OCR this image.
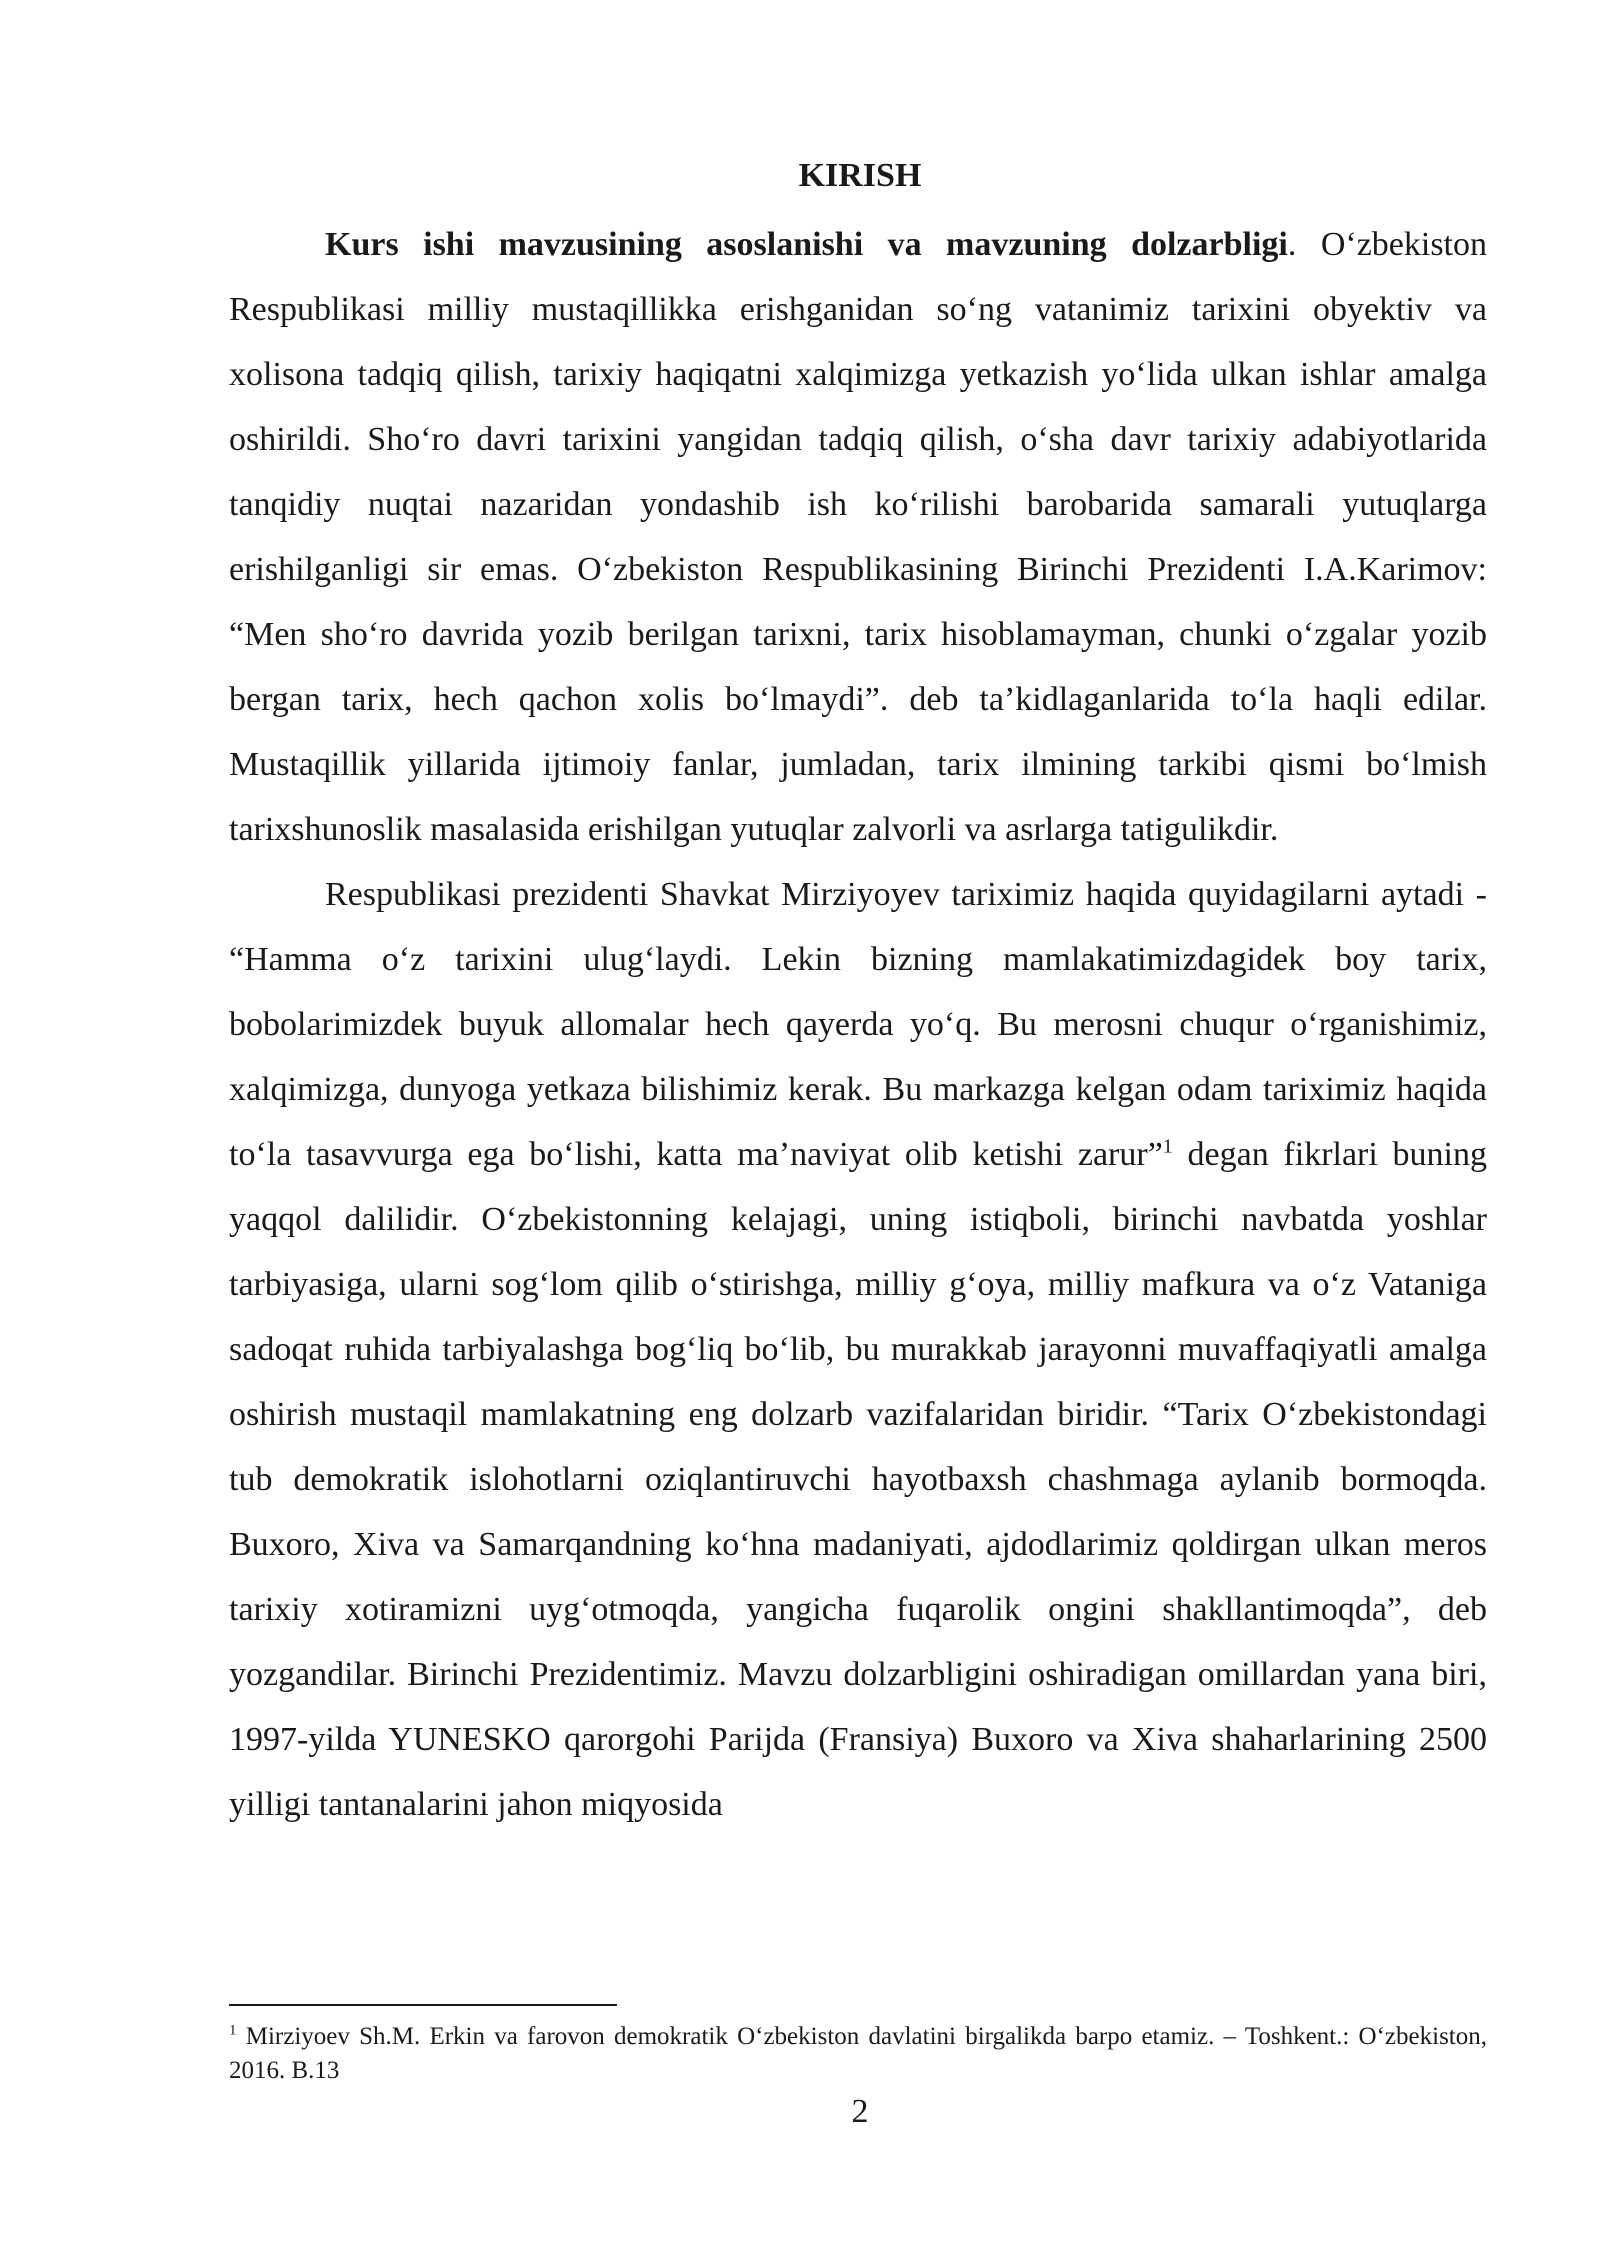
KIRISH

Kurs ishi mavzusining asoslanishi va mavzuning dolzarbligi. O‘zbekiston Respublikasi milliy mustaqillikka erishganidan so‘ng vatanimiz tarixini obyektiv va xolisona tadqiq qilish, tarixiy haqiqatni xalqimizga yetkazish yo‘lida ulkan ishlar amalga oshirildi. Sho‘ro davri tarixini yangidan tadqiq qilish, o‘sha davr tarixiy adabiyotlarida tanqidiy nuqtai nazaridan yondashib ish ko‘rilishi barobarida samarali yutuqlarga erishilganligi sir emas. O‘zbekiston Respublikasining Birinchi Prezidenti I.A.Karimov: “Men sho‘ro davrida yozib berilgan tarixni, tarix hisoblamayman, chunki o‘zgalar yozib bergan tarix, hech qachon xolis bo‘lmaydi”. deb ta’kidlaganlarida to‘la haqli edilar. Mustaqillik yillarida ijtimoiy fanlar, jumladan, tarix ilmining tarkibi qismi bo‘lmish tarixshunoslik masalasida erishilgan yutuqlar zalvorli va asrlarga tatigulikdir.

Respublikasi prezidenti Shavkat Mirziyoyev tariximiz haqida quyidagilarni aytadi - “Hamma o‘z tarixini ulug‘laydi. Lekin bizning mamlakatimizdagidek boy tarix, bobolarimizdek buyuk allomalar hech qayerda yo‘q. Bu merosni chuqur o‘rganishimiz, xalqimizga, dunyoga yetkaza bilishimiz kerak. Bu markazga kelgan odam tariximiz haqida to‘la tasavvurga ega bo‘lishi, katta ma’naviyat olib ketishi zarur”$^1$ degan fikrlari buning yaqqol dalilidir. O‘zbekistonning kelajagi, uning istiqboli, birinchi navbatda yoshlar tarbiyasiga, ularni sog‘lom qilib o‘stirishga, milliy g‘oya, milliy mafkura va o‘z Vataniga sadoqat ruhida tarbiyalashga bog‘liq bo‘lib, bu murakkab jarayonni muvaffaqiyatli amalga oshirish mustaqil mamlakatning eng dolzarb vazifalaridan biridir. “Tarix O‘zbekistondagi tub demokratik islohotlarni oziqlantiruvchi hayotbaxsh chashmaga aylanib bormoqda. Buxoro, Xiva va Samarqandning ko‘hna madaniyati, ajdodlarimiz qoldirgan ulkan meros tarixiy xotiramizni uyg‘otmoqda, yangicha fuqarolik ongini shakllantimoqda”, deb yozgandilar. Birinchi Prezidentimiz. Mavzu dolzarbligini oshiradigan omillardan yana biri, 1997-yilda YUNESKO qarorgohi Parijda (Fransiya) Buxoro va Xiva shaharlarining 2500 yilligi tantanalarini jahon miqyosida

$^1$ Mirziyoev Sh.M. Erkin va farovon demokratik O‘zbekiston davlatini birgalikda barpo etamiz. – Toshkent.: O‘zbekiston, 2016. B.13
2
